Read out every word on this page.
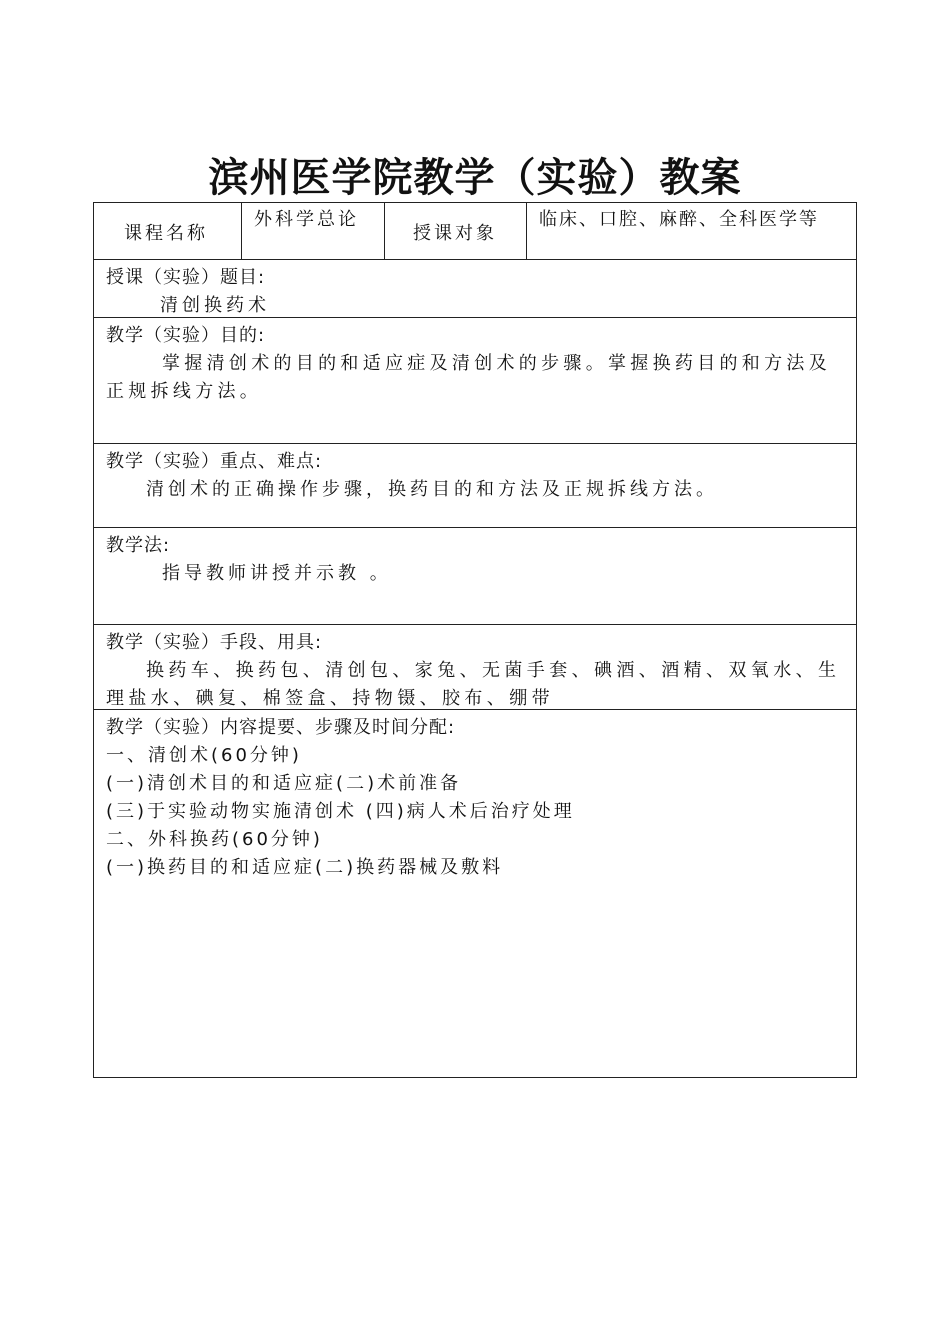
滨州医学院教学（实验）教案
课程名称
外科学总论
授课对象
临床、口腔、麻醉、全科医学等
授课（实验）题目:
清创换药术
教学（实验）目的:
掌握清创术的目的和适应症及清创术的步骤。掌握换药目的和方法及正规拆线方法。
教学（实验）重点、难点:
清创术的正确操作步骤，换药目的和方法及正规拆线方法。
教学法:
指导教师讲授并示教 。
教学（实验）手段、用具:
换药车、换药包、清创包、家兔、无菌手套、碘酒、酒精、双氧水、生理盐水、碘复、棉签盒、持物镊、胶布、绷带
教学（实验）内容提要、步骤及时间分配:
一、清创术(60分钟)
(一)清创术目的和适应症(二)术前准备
(三)于实验动物实施清创术 (四)病人术后治疗处理
二、外科换药(60分钟)
(一)换药目的和适应症(二)换药器械及敷料
